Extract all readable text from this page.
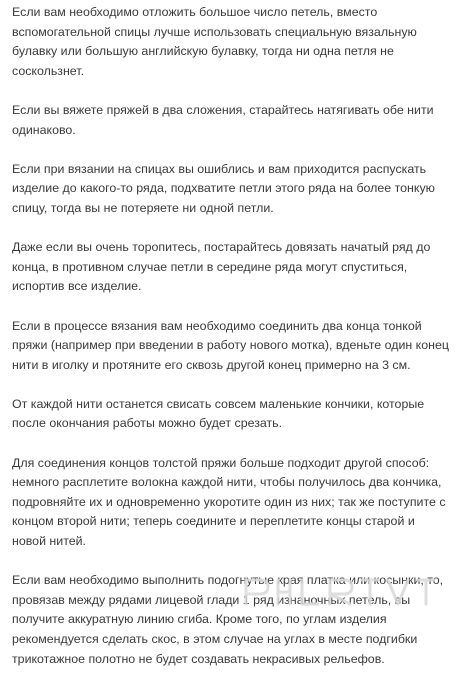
Если вам необходимо отложить большое число петель, вместо вспомогательной спицы лучше использовать специальную вязальную булавку или большую английскую булавку, тогда ни одна петля не соскользнет.

Если вы вяжете пряжей в два сложения, старайтесь натягивать обе нити одинаково.

Если при вязании на спицах вы ошиблись и вам приходится распускать изделие до какого-то ряда, подхватите петли этого ряда на более тонкую спицу, тогда вы не потеряете ни одной петли.

Даже если вы очень торопитесь, постарайтесь довязать начатый ряд до конца, в противном случае петли в середине ряда могут спуститься, испортив все изделие.

Если в процессе вязания вам необходимо соединить два конца тонкой пряжи (например при введении в работу нового мотка), вденьте один конец нити в иголку и протяните его сквозь другой конец примерно на 3 см.

От каждой нити останется свисать совсем маленькие кончики, которые после окончания работы можно будет срезать.

Для соединения концов толстой пряжи больше подходит другой способ: немного расплетите волокна каждой нити, чтобы получилось два кончика, подровняйте их и одновременно укоротите один из них; так же поступите с концом второй нити; теперь соедините и переплетите концы старой и новой нитей.

Если вам необходимо выполнить подогнутые края платка или косынки, то, провязав между рядами лицевой глади 1 ряд изнаночных петель, вы получите аккуратную линию сгиба. Кроме того, по углам изделия рекомендуется сделать скос, в этом случае на углах в месте подгибки трикотажное полотно не будет создавать некрасивых рельефов.
